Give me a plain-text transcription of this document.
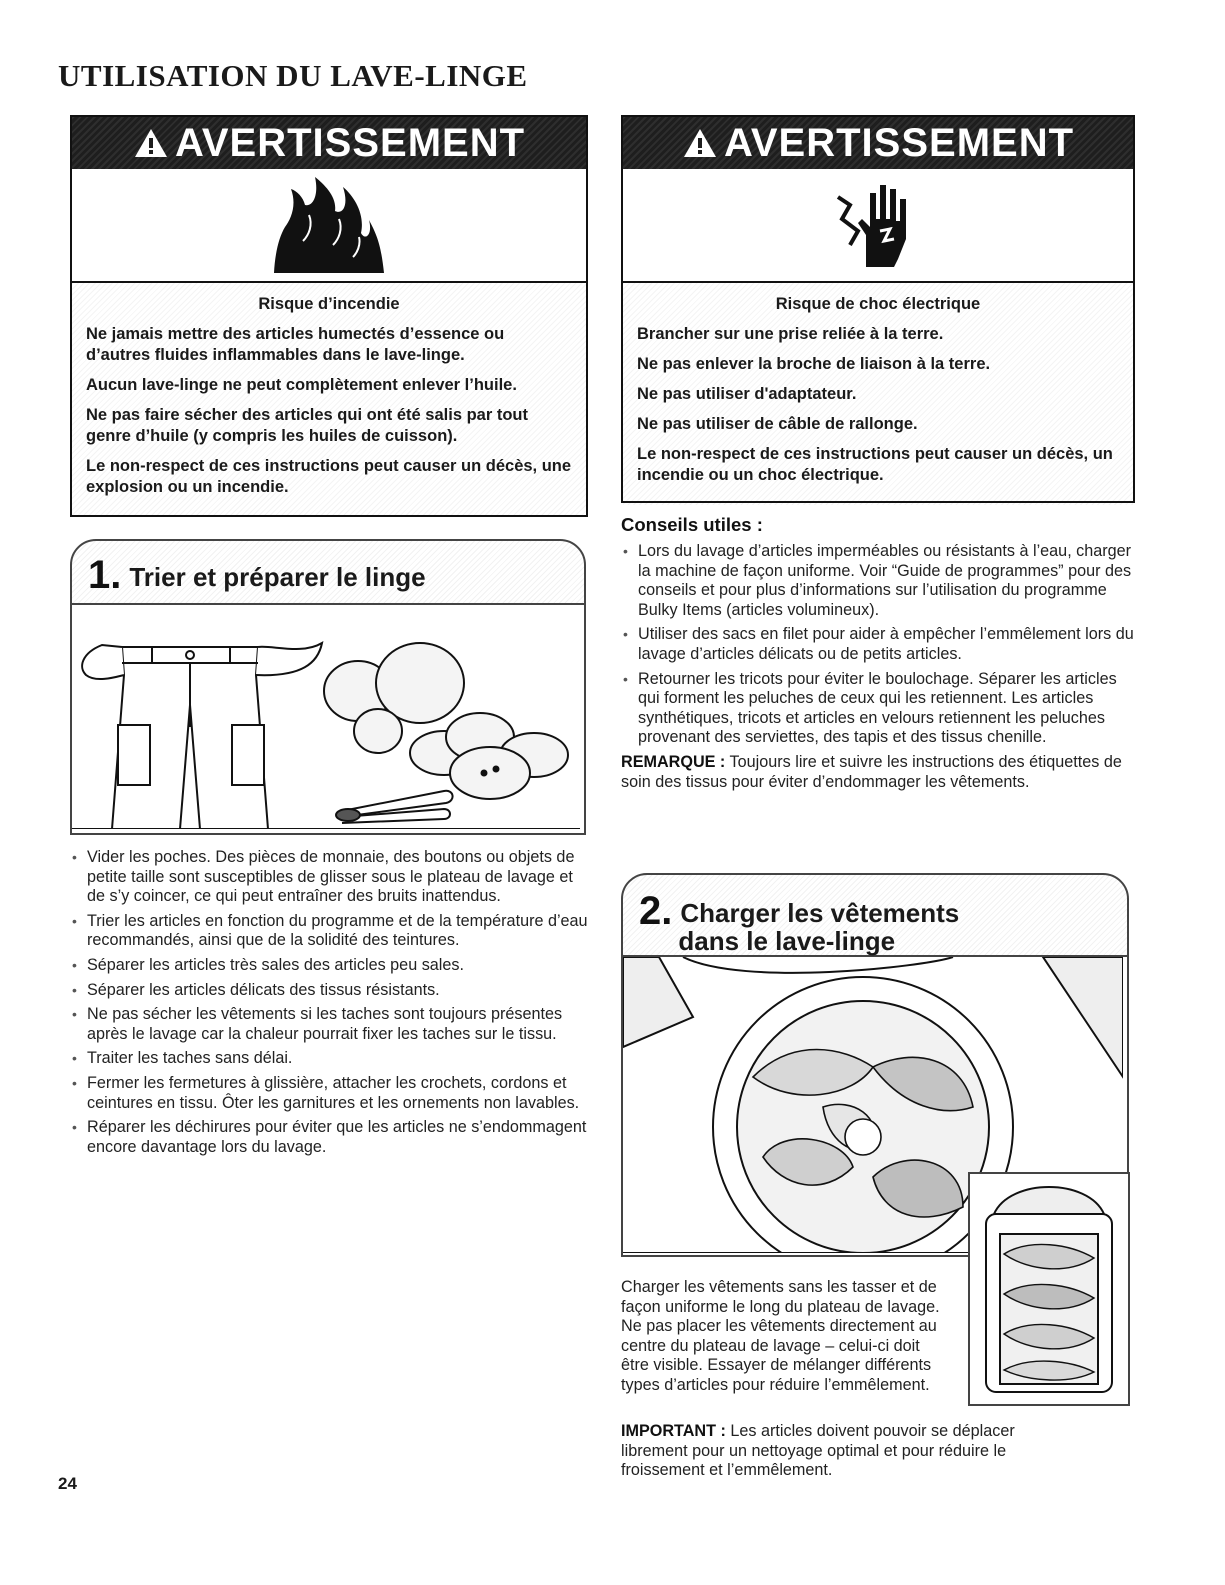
UTILISATION DU LAVE-LINGE
AVERTISSEMENT
Risque d’incendie

Ne jamais mettre des articles humectés d’essence ou d’autres fluides inflammables dans le lave-linge.

Aucun lave-linge ne peut complètement enlever l’huile.

Ne pas faire sécher des articles qui ont été salis par tout genre d’huile (y compris les huiles de cuisson).

Le non-respect de ces instructions peut causer un décès, une explosion ou un incendie.

AVERTISSEMENT
Risque de choc électrique

Brancher sur une prise reliée à la terre.

Ne pas enlever la broche de liaison à la terre.

Ne pas utiliser d'adaptateur.

Ne pas utiliser de câble de rallonge.

Le non-respect de ces instructions peut causer un décès, un incendie ou un choc électrique.

1. Trier et préparer le linge
• Vider les poches. Des pièces de monnaie, des boutons ou objets de petite taille sont susceptibles de glisser sous le plateau de lavage et de s’y coincer, ce qui peut entraîner des bruits inattendus.
• Trier les articles en fonction du programme et de la température d’eau recommandés, ainsi que de la solidité des teintures.
• Séparer les articles très sales des articles peu sales.
• Séparer les articles délicats des tissus résistants.
• Ne pas sécher les vêtements si les taches sont toujours présentes après le lavage car la chaleur pourrait fixer les taches sur le tissu.
• Traiter les taches sans délai.
• Fermer les fermetures à glissière, attacher les crochets, cordons et ceintures en tissu. Ôter les garnitures et les ornements non lavables.
• Réparer les déchirures pour éviter que les articles ne s’endommagent encore davantage lors du lavage.
Conseils utiles :
• Lors du lavage d’articles imperméables ou résistants à l’eau, charger la machine de façon uniforme. Voir “Guide de programmes” pour des conseils et pour plus d’informations sur l’utilisation du programme Bulky Items (articles volumineux).
• Utiliser des sacs en filet pour aider à empêcher l’emmêlement lors du lavage d’articles délicats ou de petits articles.
• Retourner les tricots pour éviter le boulochage. Séparer les articles qui forment les peluches de ceux qui les retiennent. Les articles synthétiques, tricots et articles en velours retiennent les peluches provenant des serviettes, des tapis et des tissus chenille.

REMARQUE : Toujours lire et suivre les instructions des étiquettes de soin des tissus pour éviter d’endommager les vêtements.

2. Charger les vêtements
dans le lave-linge

Charger les vêtements sans les tasser et de façon uniforme le long du plateau de lavage. Ne pas placer les vêtements directement au centre du plateau de lavage – celui-ci doit être visible. Essayer de mélanger différents types d’articles pour réduire l’emmêlement.

IMPORTANT : Les articles doivent pouvoir se déplacer librement pour un nettoyage optimal et pour réduire le froissement et l’emmêlement.

24
